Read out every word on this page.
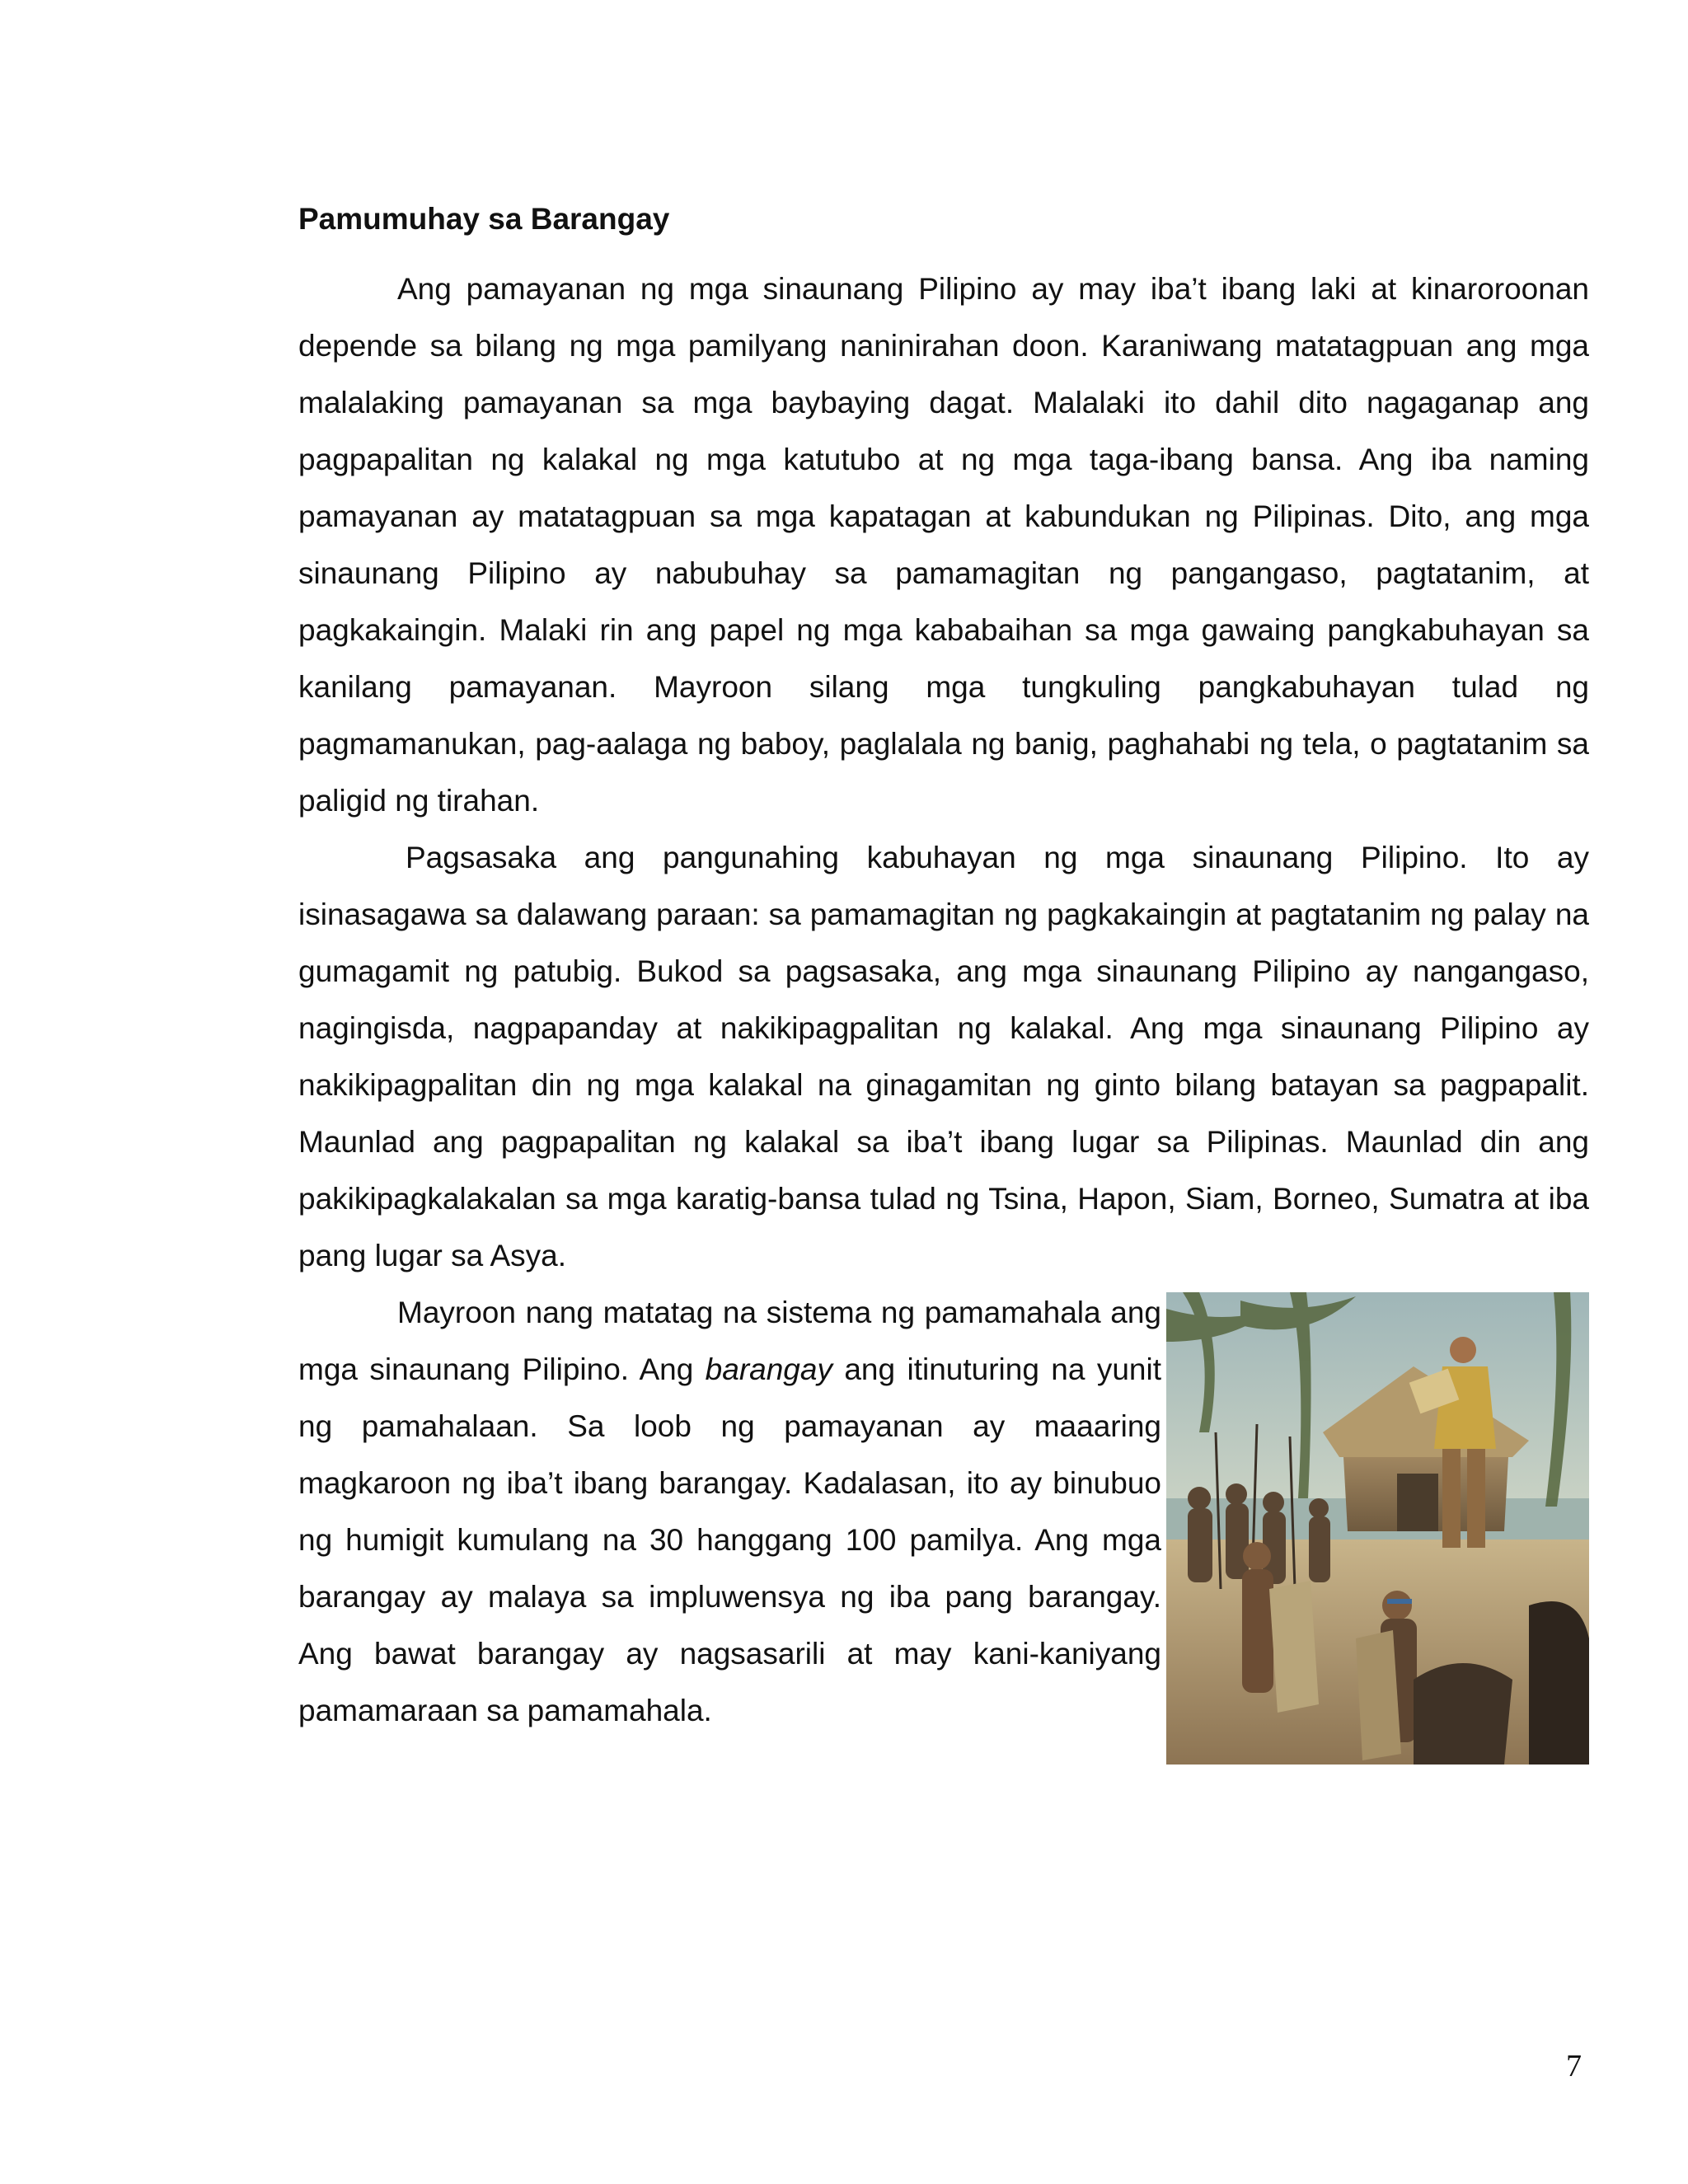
Pamumuhay sa Barangay

Ang pamayanan ng mga sinaunang Pilipino ay may iba’t ibang laki at kinaroroonan depende sa bilang ng mga pamilyang naninirahan doon. Karaniwang matatagpuan ang mga malalaking pamayanan sa mga baybaying dagat. Malalaki ito dahil dito nagaganap ang pagpapalitan ng kalakal ng mga katutubo at ng mga taga-ibang bansa. Ang iba naming pamayanan ay matatagpuan sa mga kapatagan at kabundukan ng Pilipinas. Dito, ang mga sinaunang Pilipino ay nabubuhay sa pamamagitan ng pangangaso, pagtatanim, at pagkakaingin. Malaki rin ang papel ng mga kababaihan sa mga gawaing pangkabuhayan sa kanilang pamayanan. Mayroon silang mga tungkuling pangkabuhayan tulad ng pagmamanukan, pag-aalaga ng baboy, paglalala ng banig, paghahabi ng tela, o pagtatanim sa paligid ng tirahan.

Pagsasaka ang pangunahing kabuhayan ng mga sinaunang Pilipino. Ito ay isinasagawa sa dalawang paraan: sa pamamagitan ng pagkakaingin at pagtatanim ng palay na gumagamit ng patubig. Bukod sa pagsasaka, ang mga sinaunang Pilipino ay nangangaso, nagingisda, nagpapanday at nakikipagpalitan ng kalakal. Ang mga sinaunang Pilipino ay nakikipagpalitan din ng mga kalakal na ginagamitan ng ginto bilang batayan sa pagpapalit. Maunlad ang pagpapalitan ng kalakal sa iba’t ibang lugar sa Pilipinas. Maunlad din ang pakikipagkalakalan sa mga karatig-bansa tulad ng Tsina, Hapon, Siam, Borneo, Sumatra at iba pang lugar sa Asya.

Mayroon nang matatag na sistema ng pamamahala ang mga sinaunang Pilipino. Ang barangay ang itinuturing na yunit ng pamahalaan. Sa loob ng pamayanan ay maaaring magkaroon ng iba’t ibang barangay. Kadalasan, ito ay binubuo ng humigit kumulang na 30 hanggang 100 pamilya. Ang mga barangay ay malaya sa impluwensya ng iba pang barangay. Ang bawat barangay ay nagsasarili at may kani-kaniyang pamamaraan sa pamamahala.

7
